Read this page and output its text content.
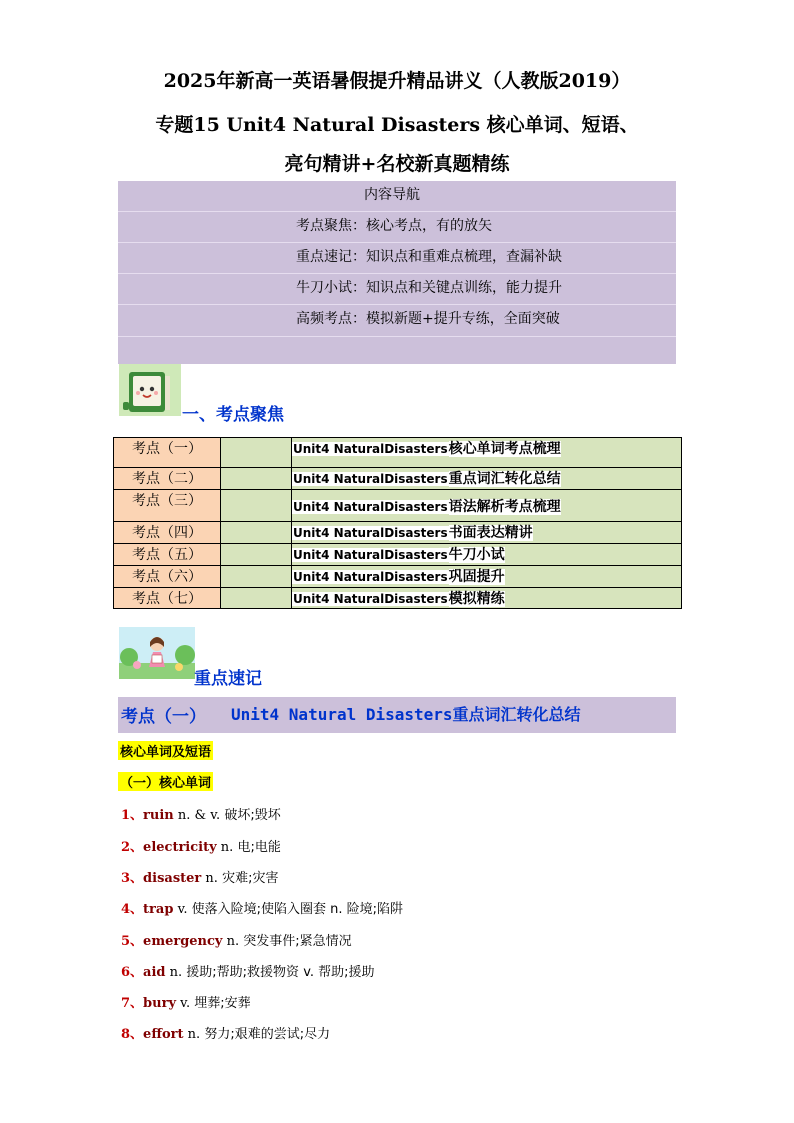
2025年新高一英语暑假提升精品讲义（人教版2019）
专题15 Unit4 Natural Disasters 核心单词、短语、
亮句精讲+名校新真题精练
内容导航
考点聚焦：核心考点，有的放矢
重点速记：知识点和重难点梳理，查漏补缺
牛刀小试：知识点和关键点训练，能力提升
高频考点：模拟新题+提升专练，全面突破
一、考点聚焦
考点（一）		Unit4 NaturalDisasters核心单词考点梳理
考点（二）		Unit4 NaturalDisasters重点词汇转化总结
考点（三）		Unit4 NaturalDisasters语法解析考点梳理
考点（四）		Unit4 NaturalDisasters书面表达精讲
考点（五）		Unit4 NaturalDisasters牛刀小试
考点（六）		Unit4 NaturalDisasters巩固提升
考点（七）		Unit4 NaturalDisasters模拟精练
重点速记
考点（一） Unit4 Natural Disasters重点词汇转化总结
核心单词及短语
（一）核心单词
1、ruin n. & v. 破坏;毁坏
2、electricity n. 电;电能
3、disaster n. 灾难;灾害
4、trap v. 使落入险境;使陷入圈套 n. 险境;陷阱
5、emergency n. 突发事件;紧急情况
6、aid n. 援助;帮助;救援物资 v. 帮助;援助
7、bury v. 埋葬;安葬
8、effort n. 努力;艰难的尝试;尽力
